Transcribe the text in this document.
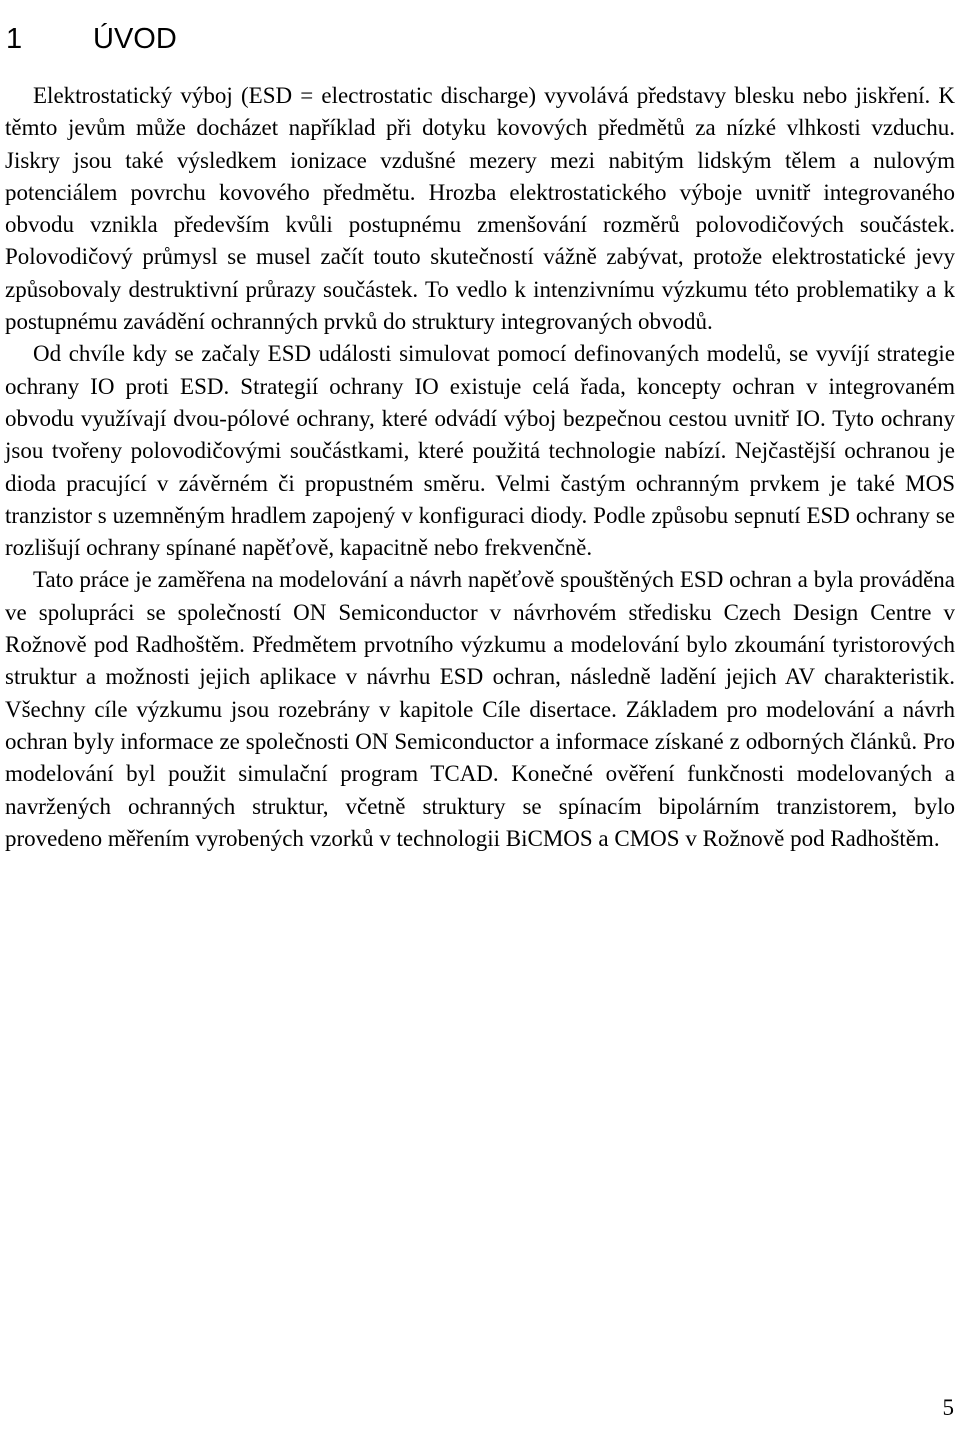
1 ÚVOD

Elektrostatický výboj (ESD = electrostatic discharge) vyvolává představy blesku nebo jiskření. K těmto jevům může docházet například při dotyku kovových předmětů za nízké vlhkosti vzduchu. Jiskry jsou také výsledkem ionizace vzdušné mezery mezi nabitým lidským tělem a nulovým potenciálem povrchu kovového předmětu. Hrozba elektrostatického výboje uvnitř integrovaného obvodu vznikla především kvůli postupnému zmenšování rozměrů polovodičových součástek. Polovodičový průmysl se musel začít touto skutečností vážně zabývat, protože elektrostatické jevy způsobovaly destruktivní průrazy součástek. To vedlo k intenzivnímu výzkumu této problematiky a k postupnému zavádění ochranných prvků do struktury integrovaných obvodů.

Od chvíle kdy se začaly ESD události simulovat pomocí definovaných modelů, se vyvíjí strategie ochrany IO proti ESD. Strategií ochrany IO existuje celá řada, koncepty ochran v integrovaném obvodu využívají dvou-pólové ochrany, které odvádí výboj bezpečnou cestou uvnitř IO. Tyto ochrany jsou tvořeny polovodičovými součástkami, které použitá technologie nabízí. Nejčastější ochranou je dioda pracující v závěrném či propustném směru. Velmi častým ochranným prvkem je také MOS tranzistor s uzemněným hradlem zapojený v konfiguraci diody. Podle způsobu sepnutí ESD ochrany se rozlišují ochrany spínané napěťově, kapacitně nebo frekvenčně.

Tato práce je zaměřena na modelování a návrh napěťově spouštěných ESD ochran a byla prováděna ve spolupráci se společností ON Semiconductor v návrhovém středisku Czech Design Centre v Rožnově pod Radhoštěm. Předmětem prvotního výzkumu a modelování bylo zkoumání tyristorových struktur a možnosti jejich aplikace v návrhu ESD ochran, následně ladění jejich AV charakteristik. Všechny cíle výzkumu jsou rozebrány v kapitole Cíle disertace. Základem pro modelování a návrh ochran byly informace ze společnosti ON Semiconductor a informace získané z odborných článků. Pro modelování byl použit simulační program TCAD. Konečné ověření funkčnosti modelovaných a navržených ochranných struktur, včetně struktury se spínacím bipolárním tranzistorem, bylo provedeno měřením vyrobených vzorků v technologii BiCMOS a CMOS v Rožnově pod Radhoštěm.

5
